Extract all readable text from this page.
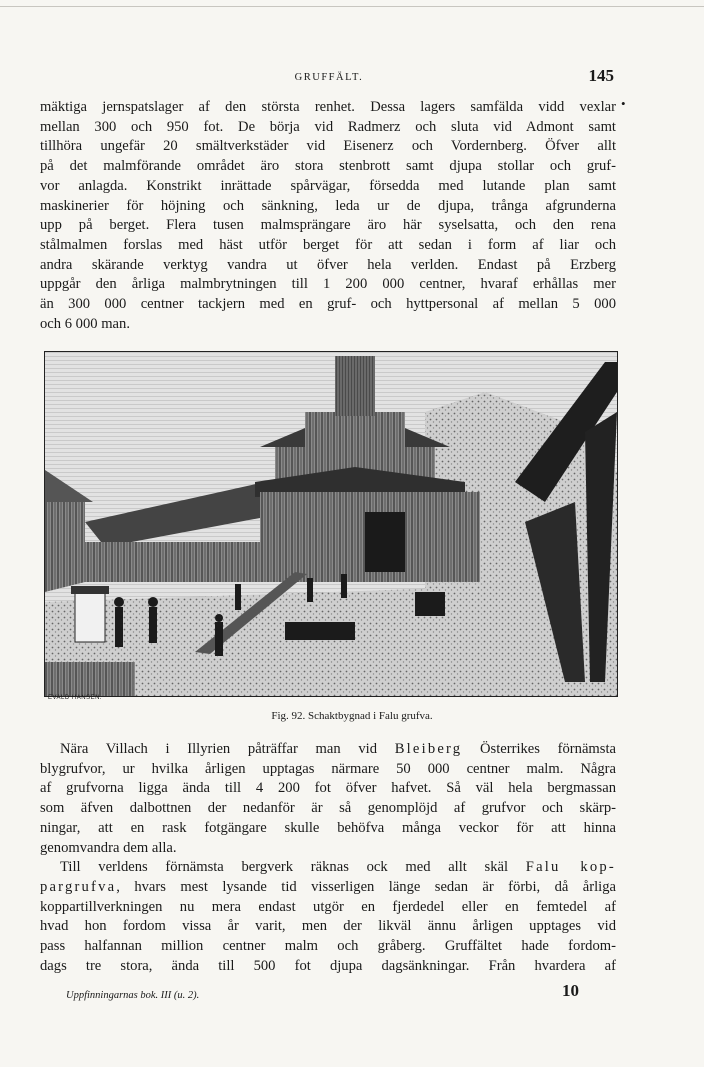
GRUFFÄLT.	145
•
mäktiga jernspatslager af den största renhet. Dessa lagers samfälda vidd vexlar
mellan 300 och 950 fot. De börja vid Radmerz och sluta vid Admont samt
tillhöra ungefär 20 smältverkstäder vid Eisenerz och Vordernberg. Öfver allt
på det malmförande området äro stora stenbrott samt djupa stollar och gruf-
vor anlagda. Konstrikt inrättade spårvägar, försedda med lutande plan samt
maskinerier för höjning och sänkning, leda ur de djupa, trånga afgrunderna
upp på berget. Flera tusen malmsprängare äro här syselsatta, och den rena
stålmalmen forslas med häst utför berget för att sedan i form af liar och
andra skärande verktyg vandra ut öfver hela verlden. Endast på Erzberg
uppgår den årliga malmbrytningen till 1 200 000 centner, hvaraf erhållas mer
än 300 000 centner tackjern med en gruf- och hyttpersonal af mellan 5 000
och 6 000 man.
EVALD HANSEN.
Fig. 92. Schaktbygnad i Falu grufva.
Nära Villach i Illyrien påträffar man vid Bleiberg Österrikes förnämsta
blygrufvor, ur hvilka årligen upptagas närmare 50 000 centner malm. Några
af grufvorna ligga ända till 4 200 fot öfver hafvet. Så väl hela bergmassan
som äfven dalbottnen der nedanför är så genomplöjd af grufvor och skärp-
ningar, att en rask fotgängare skulle behöfva många veckor för att hinna
genomvandra dem alla.
Till verldens förnämsta bergverk räknas ock med allt skäl Falu kop-
pargrufva, hvars mest lysande tid visserligen länge sedan är förbi, då årliga
koppartillverkningen nu mera endast utgör en fjerdedel eller en femtedel af
hvad hon fordom vissa år varit, men der likväl ännu årligen upptages vid
pass halfannan million centner malm och gråberg. Gruffältet hade fordom-
dags tre stora, ända till 500 fot djupa dagsänkningar. Från hvardera af
Uppfinningarnas bok. III (u. 2).	10
